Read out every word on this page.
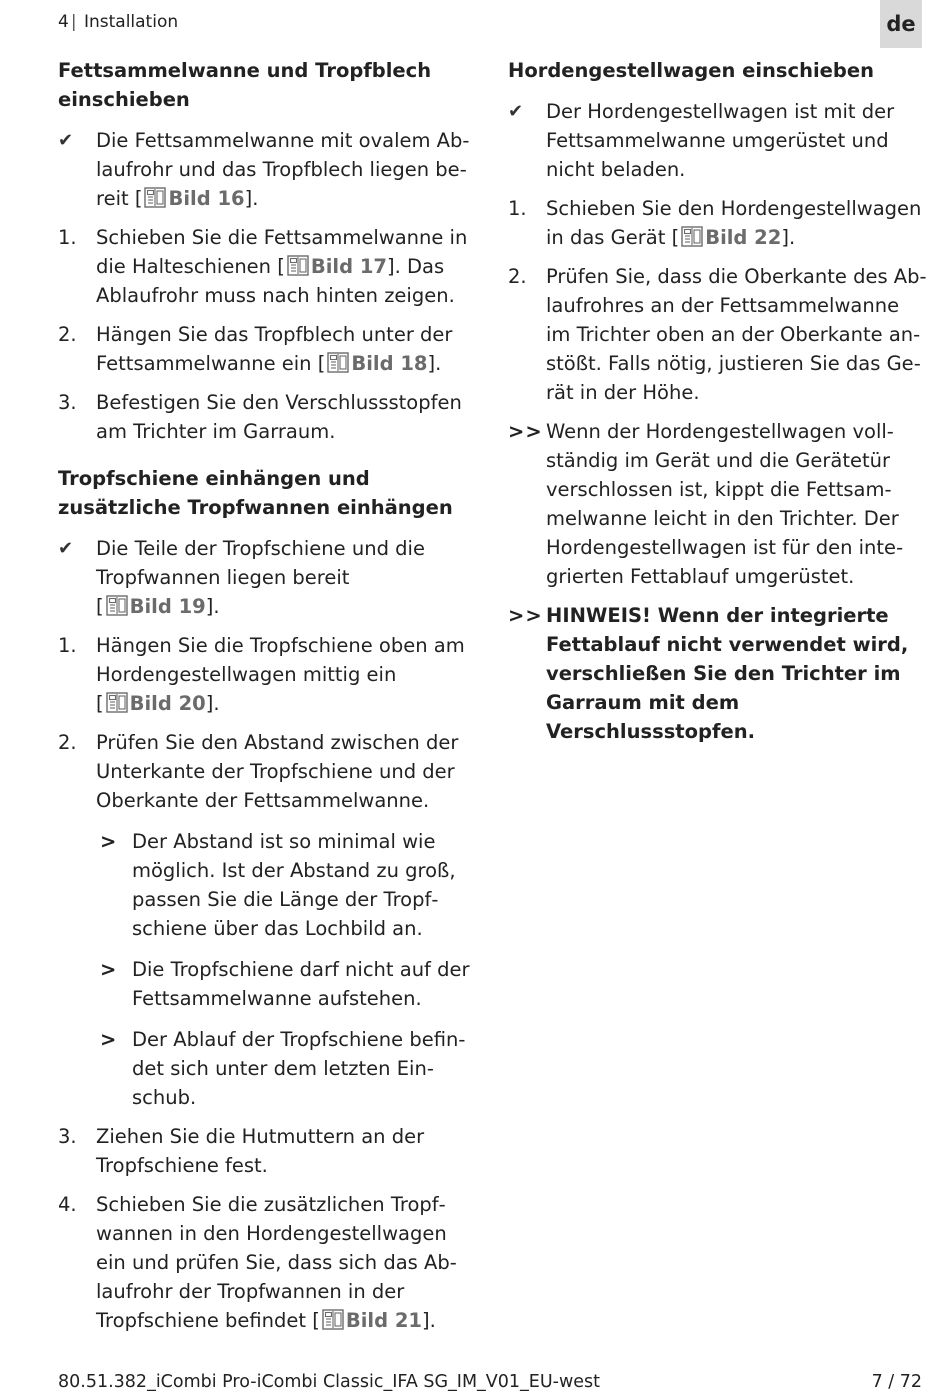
4 | Installation	de
Fettsammelwanne und Tropfblech einschieben
✔	Die Fettsammelwanne mit ovalem Ablaufrohr und das Tropfblech liegen bereit [ Bild 16].
1. Schieben Sie die Fettsammelwanne in die Halteschienen [ Bild 17]. Das Ablaufrohr muss nach hinten zeigen.
2. Hängen Sie das Tropfblech unter der Fettsammelwanne ein [ Bild 18].
3. Befestigen Sie den Verschlussstopfen am Trichter im Garraum.
Tropfschiene einhängen und zusätzliche Tropfwannen einhängen
✔	Die Teile der Tropfschiene und die Tropfwannen liegen bereit [ Bild 19].
1. Hängen Sie die Tropfschiene oben am Hordengestellwagen mittig ein [ Bild 20].
2. Prüfen Sie den Abstand zwischen der Unterkante der Tropfschiene und der Oberkante der Fettsammelwanne.
> Der Abstand ist so minimal wie möglich. Ist der Abstand zu groß, passen Sie die Länge der Tropfschiene über das Lochbild an.
> Die Tropfschiene darf nicht auf der Fettsammelwanne aufstehen.
> Der Ablauf der Tropfschiene befindet sich unter dem letzten Einschub.
3. Ziehen Sie die Hutmuttern an der Tropfschiene fest.
4. Schieben Sie die zusätzlichen Tropfwannen in den Hordengestellwagen ein und prüfen Sie, dass sich das Ablaufrohr der Tropfwannen in der Tropfschiene befindet [ Bild 21].
Hordengestellwagen einschieben
✔	Der Hordengestellwagen ist mit der Fettsammelwanne umgerüstet und nicht beladen.
1. Schieben Sie den Hordengestellwagen in das Gerät [ Bild 22].
2. Prüfen Sie, dass die Oberkante des Ablaufrohres an der Fettsammelwanne im Trichter oben an der Oberkante anstößt. Falls nötig, justieren Sie das Gerät in der Höhe.
>> Wenn der Hordengestellwagen vollständig im Gerät und die Gerätetür verschlossen ist, kippt die Fettsammelwanne leicht in den Trichter. Der Hordengestellwagen ist für den integrierten Fettablauf umgerüstet.
>> HINWEIS! Wenn der integrierte Fettablauf nicht verwendet wird, verschließen Sie den Trichter im Garraum mit dem Verschlussstopfen.
80.51.382_iCombi Pro-iCombi Classic_IFA SG_IM_V01_EU-west	7 / 72
